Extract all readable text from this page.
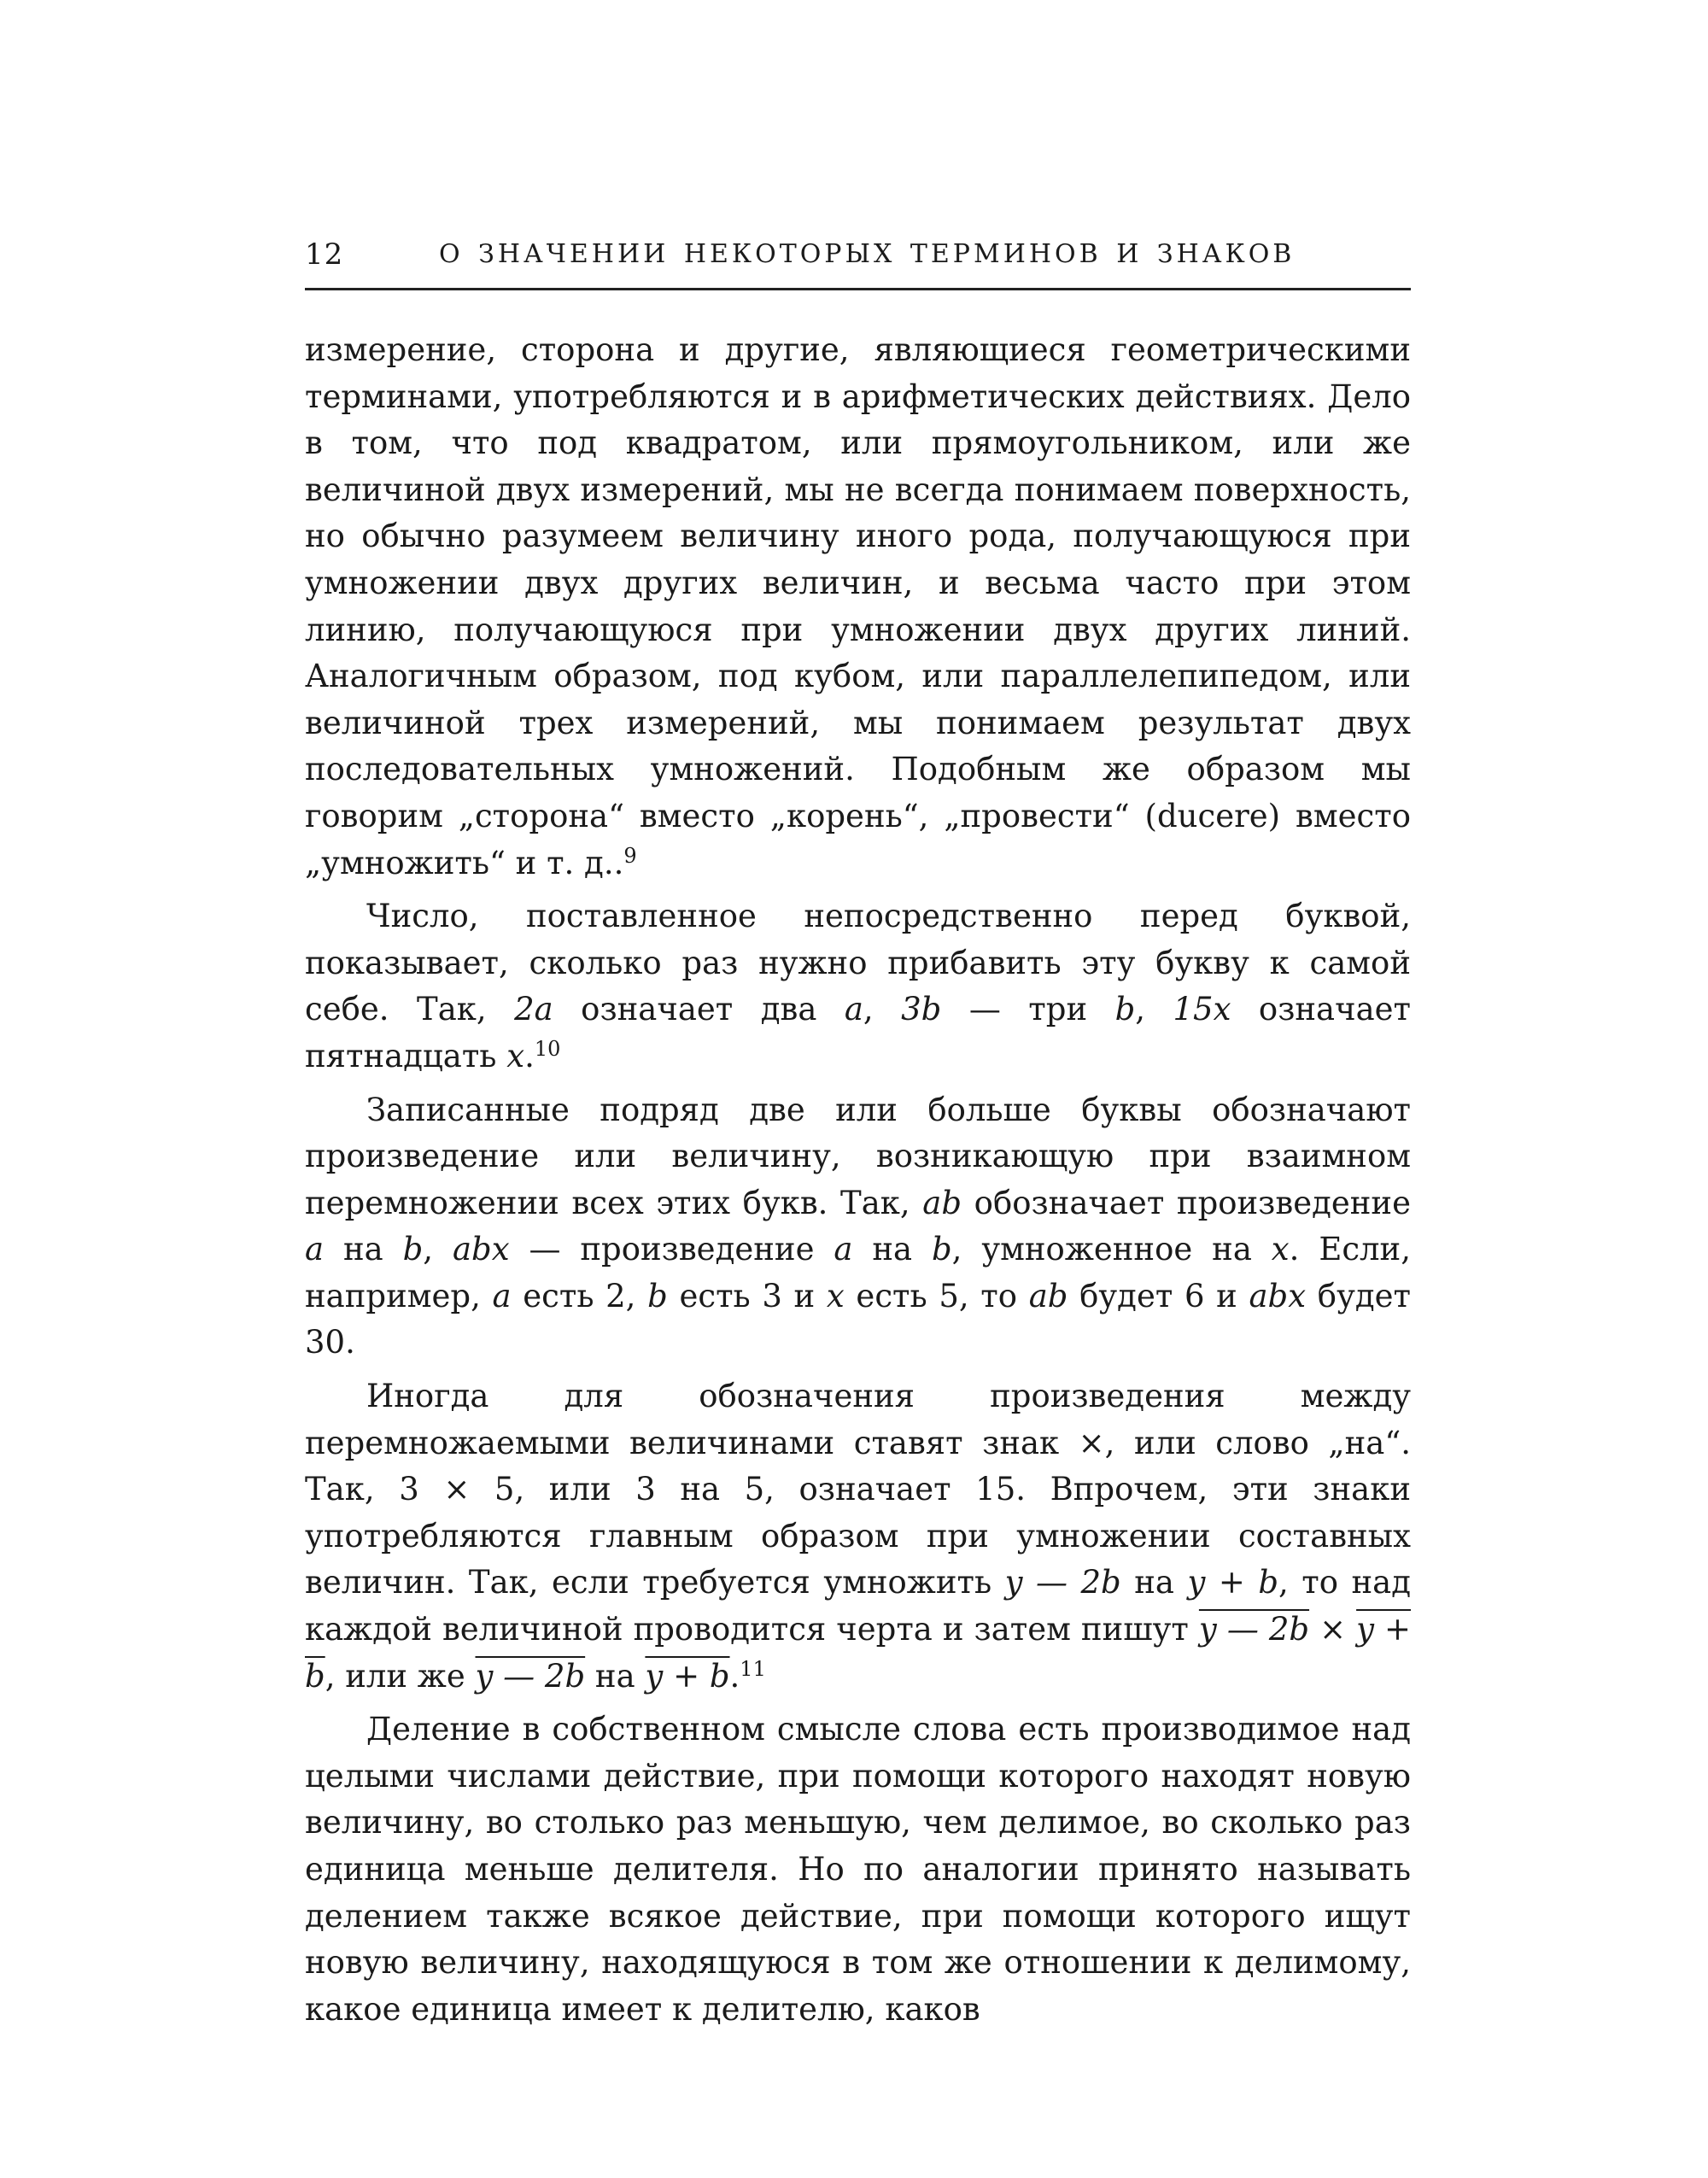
12	О ЗНАЧЕНИИ НЕКОТОРЫХ ТЕРМИНОВ И ЗНАКОВ

измерение, сторона и другие, являющиеся геометрическими терминами, употребляются и в арифметических действиях. Дело в том, что под квадратом, или прямоугольником, или же величиной двух измерений, мы не всегда понимаем поверхность, но обычно разумеем величину иного рода, получающуюся при умножении двух других величин, и весьма часто при этом линию, получающуюся при умножении двух других линий. Аналогичным образом, под кубом, или параллелепипедом, или величиной трех измерений, мы понимаем результат двух последовательных умножений. Подобным же образом мы говорим „сторона“ вместо „корень“, „провести“ (ducere) вместо „умножить“ и т. д..$^9$

Число, поставленное непосредственно перед буквой, показывает, сколько раз нужно прибавить эту букву к самой себе. Так, 2a означает два a, 3b — три b, 15x означает пятнадцать x.$^{10}$

Записанные подряд две или больше буквы обозначают произведение или величину, возникающую при взаимном перемножении всех этих букв. Так, ab обозначает произведение a на b, abx — произведение a на b, умноженное на x. Если, например, a есть 2, b есть 3 и x есть 5, то ab будет 6 и abx будет 30.

Иногда для обозначения произведения между перемножаемыми величинами ставят знак ×, или слово „на“. Так, 3 × 5, или 3 на 5, означает 15. Впрочем, эти знаки употребляются главным образом при умножении составных величин. Так, если требуется умножить y — 2b на y + b, то над каждой величиной проводится черта и затем пишут y — 2b × y + b, или же y — 2b на y + b.$^{11}$

Деление в собственном смысле слова есть производимое над целыми числами действие, при помощи которого находят новую величину, во столько раз меньшую, чем делимое, во сколько раз единица меньше делителя. Но по аналогии принято называть делением также всякое действие, при помощи которого ищут новую величину, находящуюся в том же отношении к делимому, какое единица имеет к делителю, каков
